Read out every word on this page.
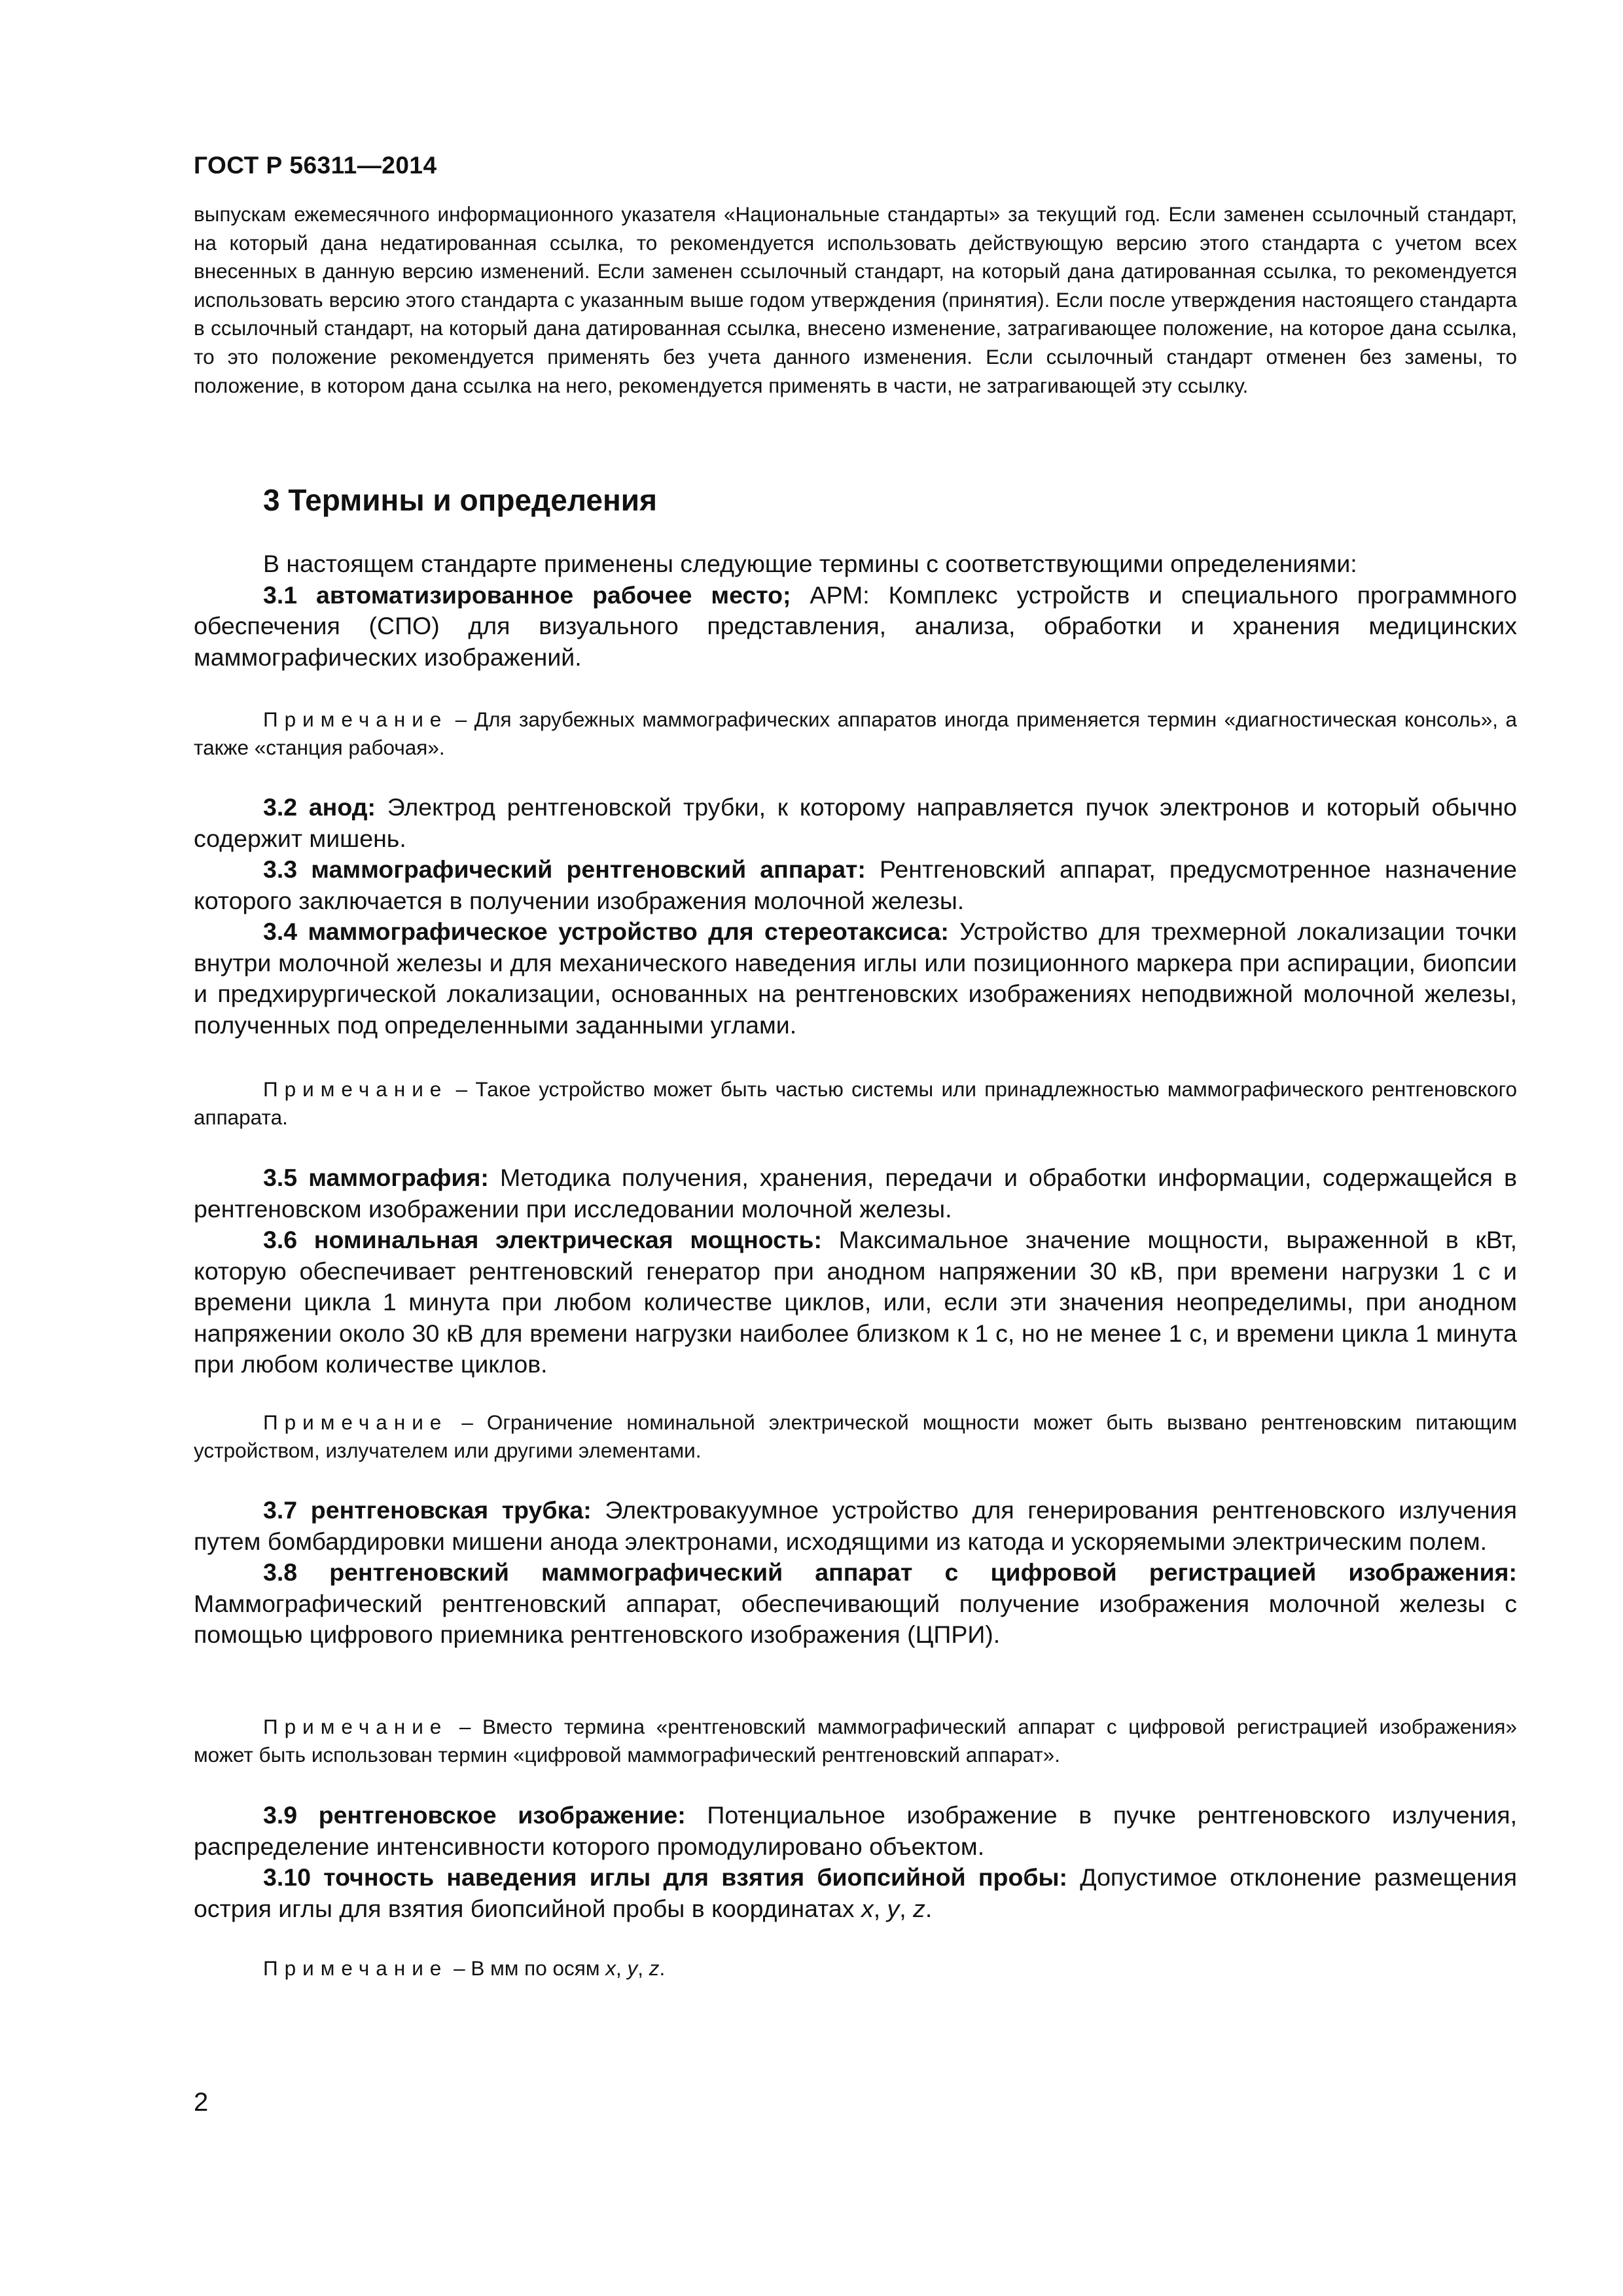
ГОСТ Р 56311—2014
выпускам ежемесячного информационного указателя «Национальные стандарты» за текущий год. Если заменен ссылочный стандарт, на который дана недатированная ссылка, то рекомендуется использовать действующую версию этого стандарта с учетом всех внесенных в данную версию изменений. Если заменен ссылочный стандарт, на который дана датированная ссылка, то рекомендуется использовать версию этого стандарта с указанным выше годом утверждения (принятия). Если после утверждения настоящего стандарта в ссылочный стандарт, на который дана датированная ссылка, внесено изменение, затрагивающее положение, на которое дана ссылка, то это положение рекомендуется применять без учета данного изменения. Если ссылочный стандарт отменен без замены, то положение, в котором дана ссылка на него, рекомендуется применять в части, не затрагивающей эту ссылку.
3 Термины и определения

В настоящем стандарте применены следующие термины с соответствующими определениями:

3.1 автоматизированное рабочее место; АРМ: Комплекс устройств и специального программного обеспечения (СПО) для визуального представления, анализа, обработки и хранения медицинских маммографических изображений.

Примечание – Для зарубежных маммографических аппаратов иногда применяется термин «диагностическая консоль», а также «станция рабочая».

3.2 анод: Электрод рентгеновской трубки, к которому направляется пучок электронов и который обычно содержит мишень.

3.3 маммографический рентгеновский аппарат: Рентгеновский аппарат, предусмотренное назначение которого заключается в получении изображения молочной железы.

3.4 маммографическое устройство для стереотаксиса: Устройство для трехмерной локализации точки внутри молочной железы и для механического наведения иглы или позиционного маркера при аспирации, биопсии и предхирургической локализации, основанных на рентгеновских изображениях неподвижной молочной железы, полученных под определенными заданными углами.

Примечание – Такое устройство может быть частью системы или принадлежностью маммографического рентгеновского аппарата.

3.5 маммография: Методика получения, хранения, передачи и обработки информации, содержащейся в рентгеновском изображении при исследовании молочной железы.

3.6 номинальная электрическая мощность: Максимальное значение мощности, выраженной в кВт, которую обеспечивает рентгеновский генератор при анодном напряжении 30 кВ, при времени нагрузки 1 с и времени цикла 1 минута при любом количестве циклов, или, если эти значения неопределимы, при анодном напряжении около 30 кВ для времени нагрузки наиболее близком к 1 с, но не менее 1 с, и времени цикла 1 минута при любом количестве циклов.

Примечание – Ограничение номинальной электрической мощности может быть вызвано рентгеновским питающим устройством, излучателем или другими элементами.

3.7 рентгеновская трубка: Электровакуумное устройство для генерирования рентгеновского излучения путем бомбардировки мишени анода электронами, исходящими из катода и ускоряемыми электрическим полем.

3.8 рентгеновский маммографический аппарат с цифровой регистрацией изображения: Маммографический рентгеновский аппарат, обеспечивающий получение изображения молочной железы с помощью цифрового приемника рентгеновского изображения (ЦПРИ).

Примечание – Вместо термина «рентгеновский маммографический аппарат с цифровой регистрацией изображения» может быть использован термин «цифровой маммографический рентгеновский аппарат».

3.9 рентгеновское изображение: Потенциальное изображение в пучке рентгеновского излучения, распределение интенсивности которого промодулировано объектом.

3.10 точность наведения иглы для взятия биопсийной пробы: Допустимое отклонение размещения острия иглы для взятия биопсийной пробы в координатах x, y, z.

Примечание – В мм по осям x, y, z.

2
